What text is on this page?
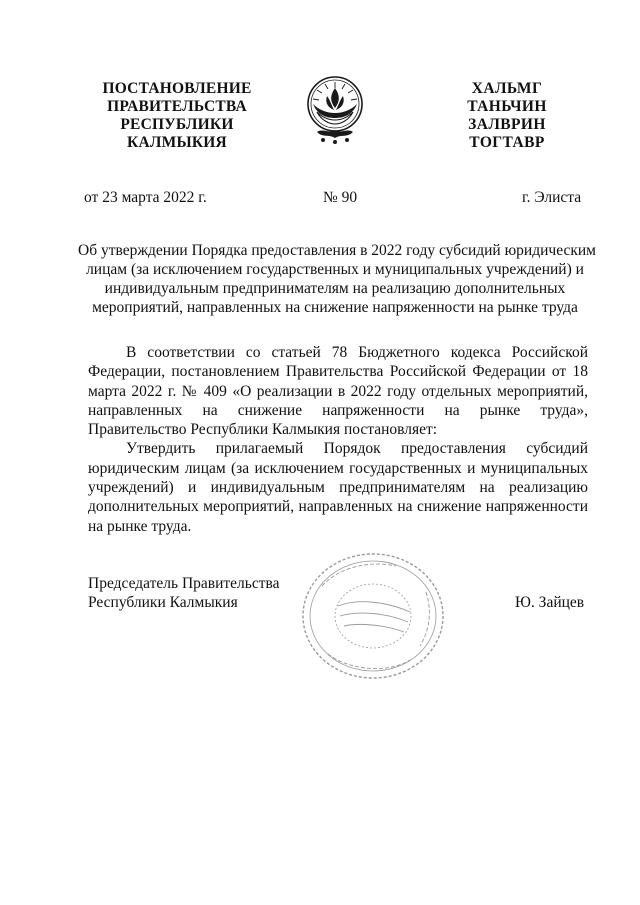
ПОСТАНОВЛЕНИЕ
ПРАВИТЕЛЬСТВА
РЕСПУБЛИКИ
КАЛМЫКИЯ
ХАЛЬМГ
ТАНЬЧИН
ЗАЛВРИН
ТОГТАВР
от 23 марта 2022 г.	№ 90	г. Элиста
Об утверждении Порядка предоставления в 2022 году субсидий юридическим
лицам (за исключением государственных и муниципальных учреждений) и
индивидуальным предпринимателям на реализацию дополнительных
мероприятий, направленных на снижение напряженности на рынке труда

В соответствии со статьей 78 Бюджетного кодекса Российской Федерации, постановлением Правительства Российской Федерации от 18 марта 2022 г. № 409 «О реализации в 2022 году отдельных мероприятий, направленных на снижение напряженности на рынке труда», Правительство Республики Калмыкия постановляет:

Утвердить прилагаемый Порядок предоставления субсидий юридическим лицам (за исключением государственных и муниципальных учреждений) и индивидуальным предпринимателям на реализацию дополнительных мероприятий, направленных на снижение напряженности на рынке труда.

Председатель Правительства
Республики Калмыкия	Ю. Зайцев
